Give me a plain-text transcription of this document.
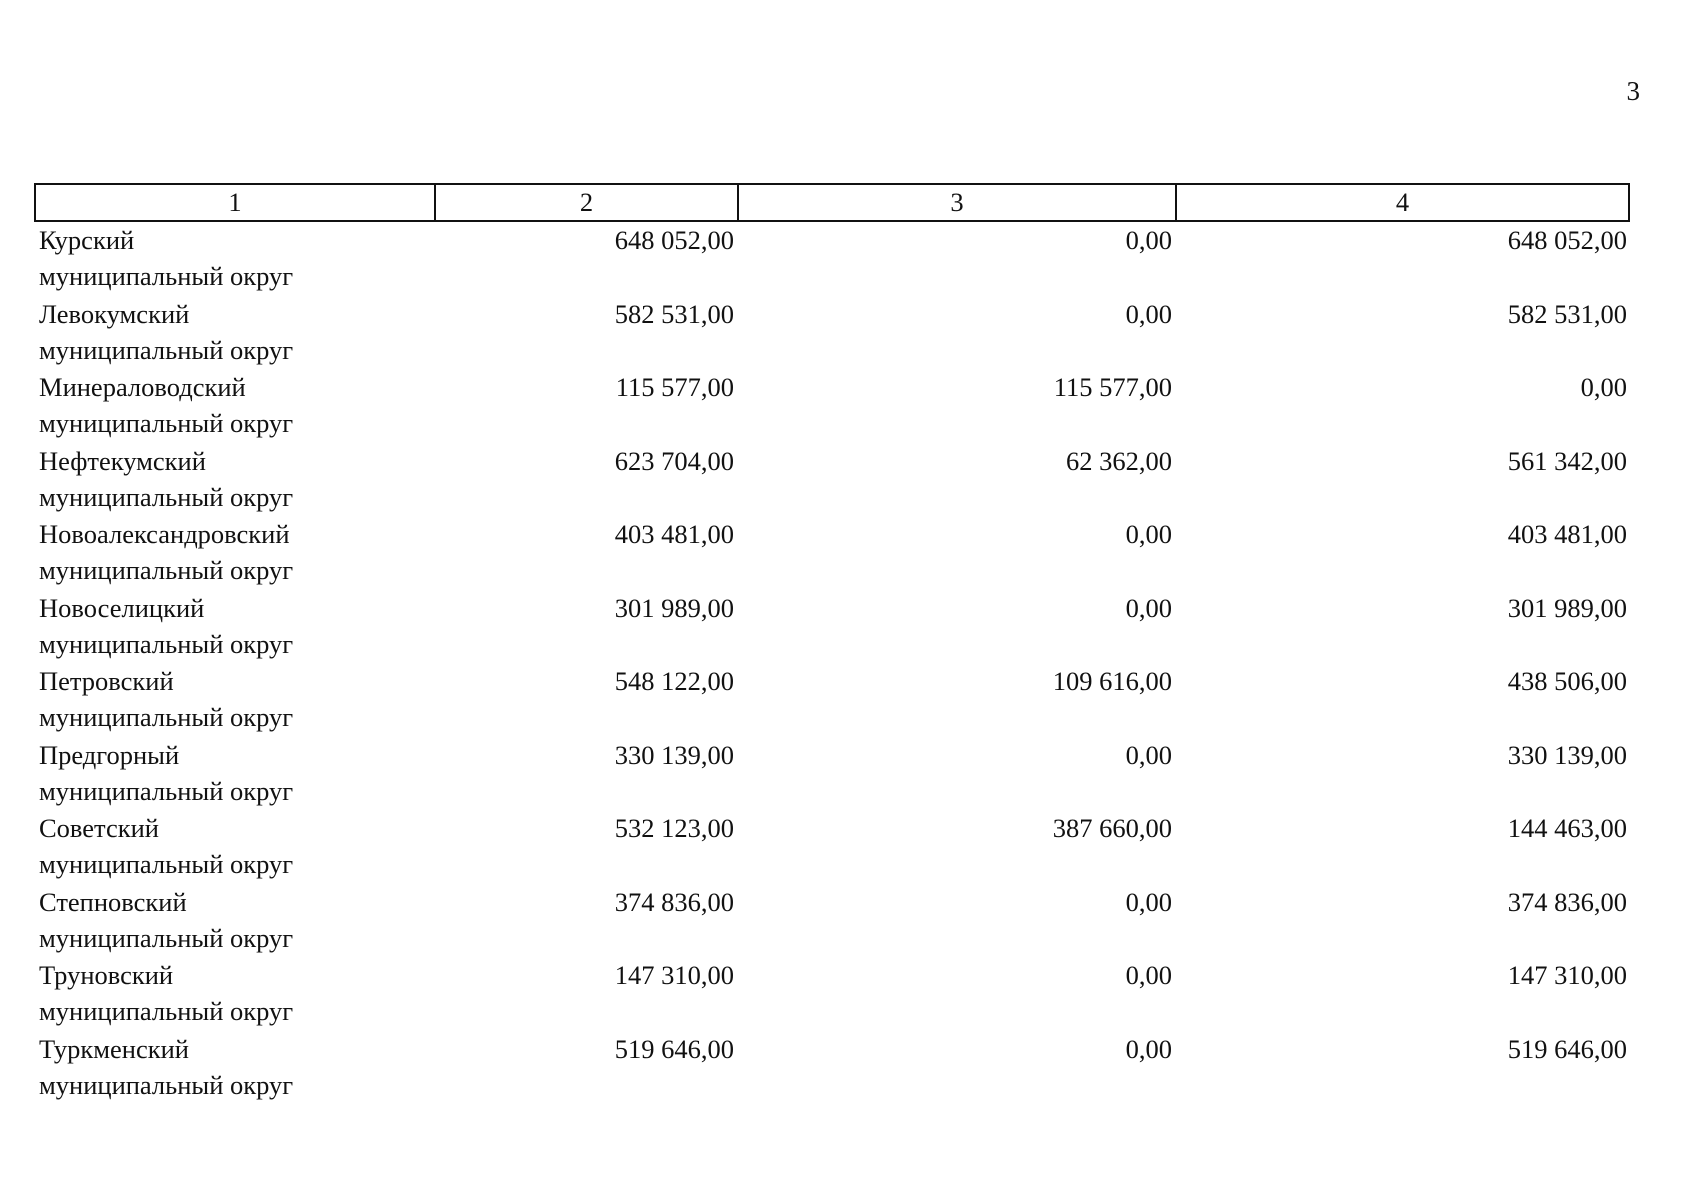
3
1	2	3	4

Курский
муниципальный округ	648 052,00	0,00	648 052,00

Левокумский
муниципальный округ	582 531,00	0,00	582 531,00

Минераловодский
муниципальный округ	115 577,00	115 577,00	0,00

Нефтекумский
муниципальный округ	623 704,00	62 362,00	561 342,00

Новоалександровский
муниципальный округ	403 481,00	0,00	403 481,00

Новоселицкий
муниципальный округ	301 989,00	0,00	301 989,00

Петровский
муниципальный округ	548 122,00	109 616,00	438 506,00

Предгорный
муниципальный округ	330 139,00	0,00	330 139,00

Советский
муниципальный округ	532 123,00	387 660,00	144 463,00

Степновский
муниципальный округ	374 836,00	0,00	374 836,00

Труновский
муниципальный округ	147 310,00	0,00	147 310,00

Туркменский
муниципальный округ	519 646,00	0,00	519 646,00
